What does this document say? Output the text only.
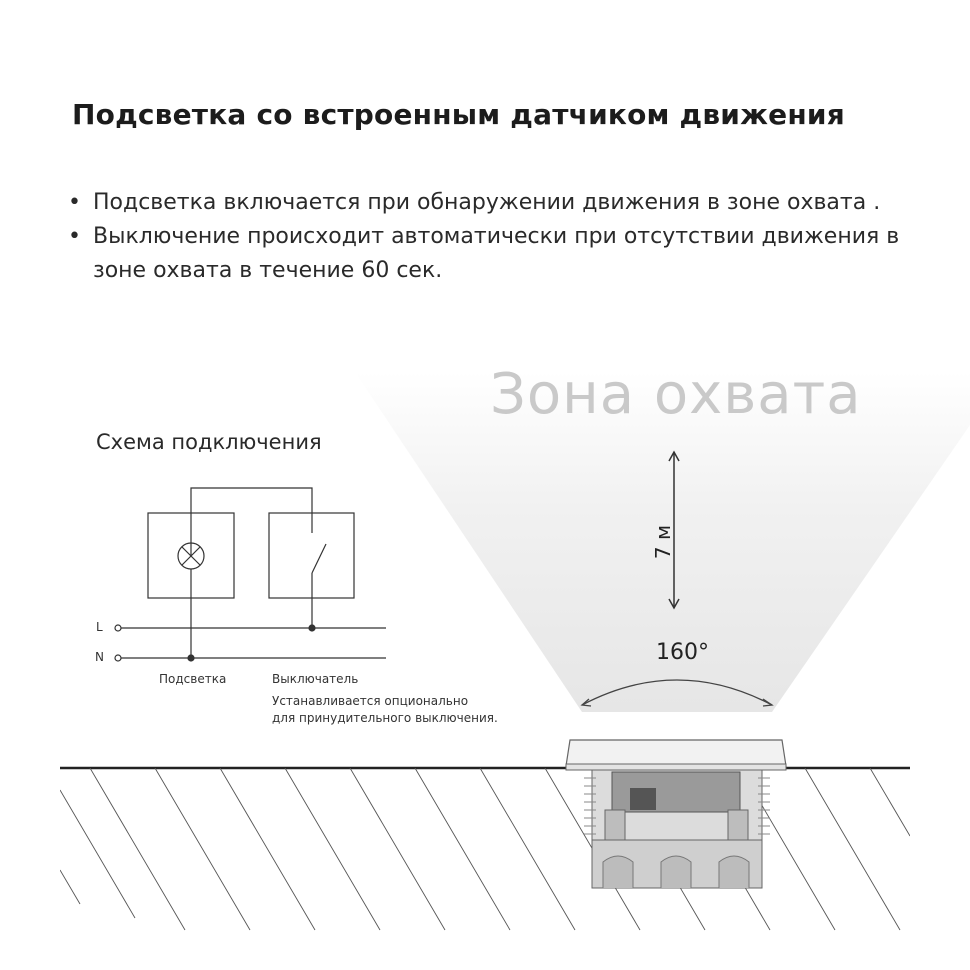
Подсветка со встроенным датчиком движения
• Подсветка включается при обнаружении движения в зоне охвата .
• Выключение происходит автоматически при отсутствии движения в зоне охвата в течение 60 сек.
Зона охвата
Схема подключения
L
N
Подсветка	Выключатель
Устанавливается опционально
для принудительного выключения.
7 м
160°
